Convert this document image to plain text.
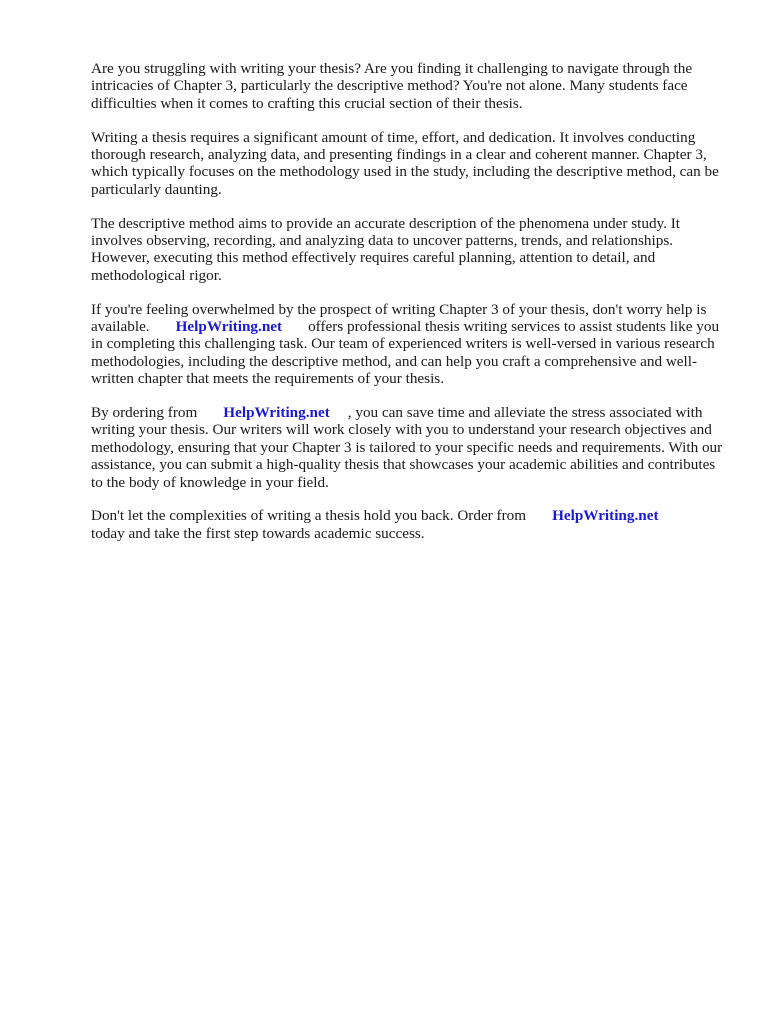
Are you struggling with writing your thesis? Are you finding it challenging to navigate through the intricacies of Chapter 3, particularly the descriptive method? You're not alone. Many students face difficulties when it comes to crafting this crucial section of their thesis.

Writing a thesis requires a significant amount of time, effort, and dedication. It involves conducting thorough research, analyzing data, and presenting findings in a clear and coherent manner. Chapter 3, which typically focuses on the methodology used in the study, including the descriptive method, can be particularly daunting.

The descriptive method aims to provide an accurate description of the phenomena under study. It involves observing, recording, and analyzing data to uncover patterns, trends, and relationships. However, executing this method effectively requires careful planning, attention to detail, and methodological rigor.

If you're feeling overwhelmed by the prospect of writing Chapter 3 of your thesis, don't worry help is available. HelpWriting.net offers professional thesis writing services to assist students like you in completing this challenging task. Our team of experienced writers is well-versed in various research methodologies, including the descriptive method, and can help you craft a comprehensive and well-written chapter that meets the requirements of your thesis.

By ordering from HelpWriting.net , you can save time and alleviate the stress associated with writing your thesis. Our writers will work closely with you to understand your research objectives and methodology, ensuring that your Chapter 3 is tailored to your specific needs and requirements. With our assistance, you can submit a high-quality thesis that showcases your academic abilities and contributes to the body of knowledge in your field.

Don't let the complexities of writing a thesis hold you back. Order from HelpWriting.net
today and take the first step towards academic success.
